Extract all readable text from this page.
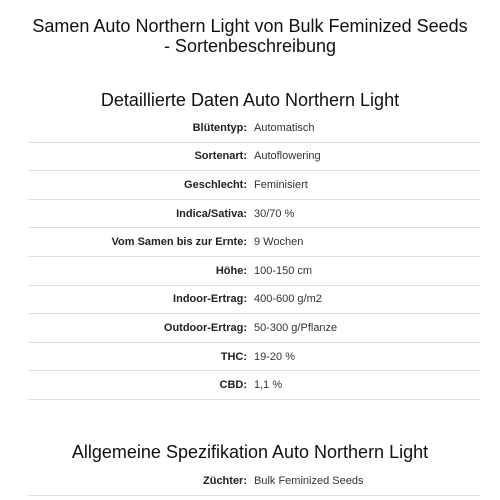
Samen Auto Northern Light von Bulk Feminized Seeds - Sortenbeschreibung
Detaillierte Daten Auto Northern Light
Blütentyp: Automatisch
Sortenart: Autoflowering
Geschlecht: Feminisiert
Indica/Sativa: 30/70 %
Vom Samen bis zur Ernte: 9 Wochen
Höhe: 100-150 cm
Indoor-Ertrag: 400-600 g/m2
Outdoor-Ertrag: 50-300 g/Pflanze
THC: 19-20 %
CBD: 1,1 %
Allgemeine Spezifikation Auto Northern Light
Züchter: Bulk Feminized Seeds
